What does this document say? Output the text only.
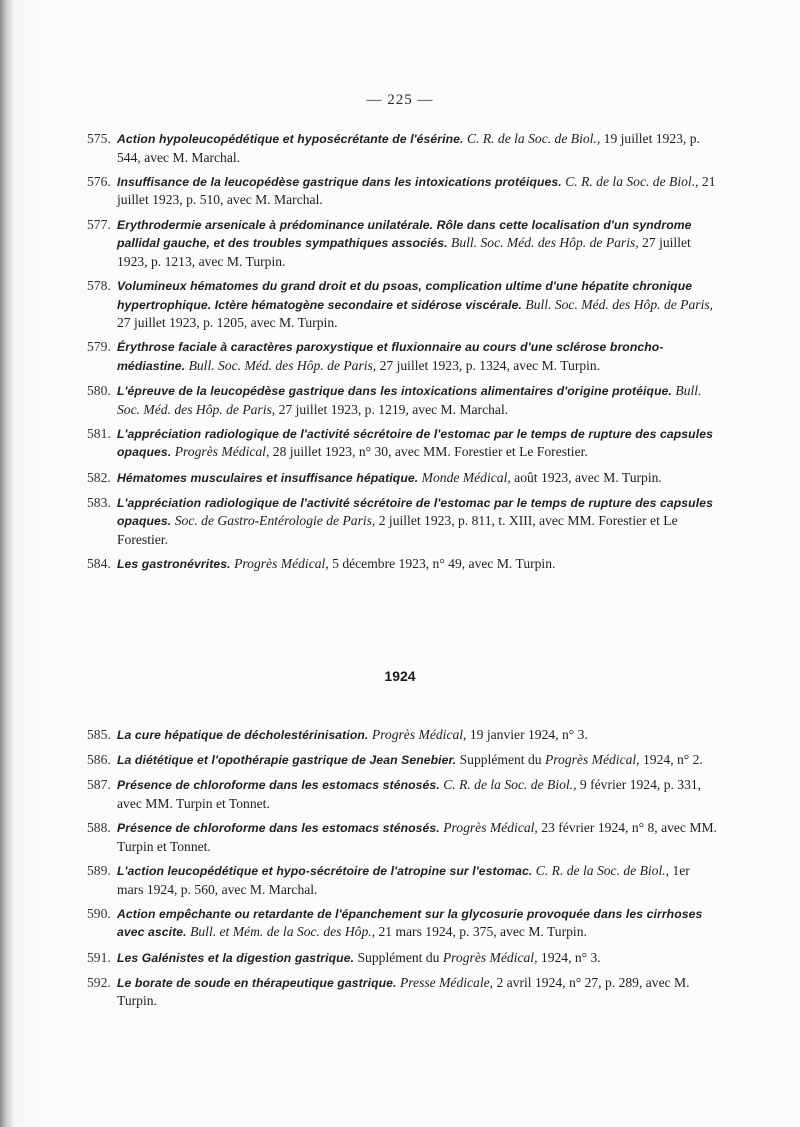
— 225 —
575. Action hypoleucopédétique et hyposécrétante de l'ésérine. C. R. de la Soc. de Biol., 19 juillet 1923, p. 544, avec M. Marchal.
576. Insuffisance de la leucopédèse gastrique dans les intoxications protéiques. C. R. de la Soc. de Biol., 21 juillet 1923, p. 510, avec M. Marchal.
577. Erythrodermie arsenicale à prédominance unilatérale. Rôle dans cette localisation d'un syndrome pallidal gauche, et des troubles sympathiques associés. Bull. Soc. Méd. des Hôp. de Paris, 27 juillet 1923, p. 1213, avec M. Turpin.
578. Volumineux hématomes du grand droit et du psoas, complication ultime d'une hépatite chronique hypertrophique. Ictère hématogène secondaire et sidérose viscérale. Bull. Soc. Méd. des Hôp. de Paris, 27 juillet 1923, p. 1205, avec M. Turpin.
579. Érythrose faciale à caractères paroxystique et fluxionnaire au cours d'une sclérose broncho-médiastine. Bull. Soc. Méd. des Hôp. de Paris, 27 juillet 1923, p. 1324, avec M. Turpin.
580. L'épreuve de la leucopédèse gastrique dans les intoxications alimentaires d'origine protéique. Bull. Soc. Méd. des Hôp. de Paris, 27 juillet 1923, p. 1219, avec M. Marchal.
581. L'appréciation radiologique de l'activité sécrétoire de l'estomac par le temps de rupture des capsules opaques. Progrès Médical, 28 juillet 1923, n° 30, avec MM. Forestier et Le Forestier.
582. Hématomes musculaires et insuffisance hépatique. Monde Médical, août 1923, avec M. Turpin.
583. L'appréciation radiologique de l'activité sécrétoire de l'estomac par le temps de rupture des capsules opaques. Soc. de Gastro-Entérologie de Paris, 2 juillet 1923, p. 811, t. XIII, avec MM. Forestier et Le Forestier.
584. Les gastronévrites. Progrès Médical, 5 décembre 1923, n° 49, avec M. Turpin.
1924
585. La cure hépatique de décholestérinisation. Progrès Médical, 19 janvier 1924, n° 3.
586. La diététique et l'opothérapie gastrique de Jean Senebier. Supplément du Progrès Médical, 1924, n° 2.
587. Présence de chloroforme dans les estomacs sténosés. C. R. de la Soc. de Biol., 9 février 1924, p. 331, avec MM. Turpin et Tonnet.
588. Présence de chloroforme dans les estomacs sténosés. Progrès Médical, 23 février 1924, n° 8, avec MM. Turpin et Tonnet.
589. L'action leucopédétique et hypo-sécrétoire de l'atropine sur l'estomac. C. R. de la Soc. de Biol., 1er mars 1924, p. 560, avec M. Marchal.
590. Action empêchante ou retardante de l'épanchement sur la glycosurie provoquée dans les cirrhoses avec ascite. Bull. et Mém. de la Soc. des Hôp., 21 mars 1924, p. 375, avec M. Turpin.
591. Les Galénistes et la digestion gastrique. Supplément du Progrès Médical, 1924, n° 3.
592. Le borate de soude en thérapeutique gastrique. Presse Médicale, 2 avril 1924, n° 27, p. 289, avec M. Turpin.
